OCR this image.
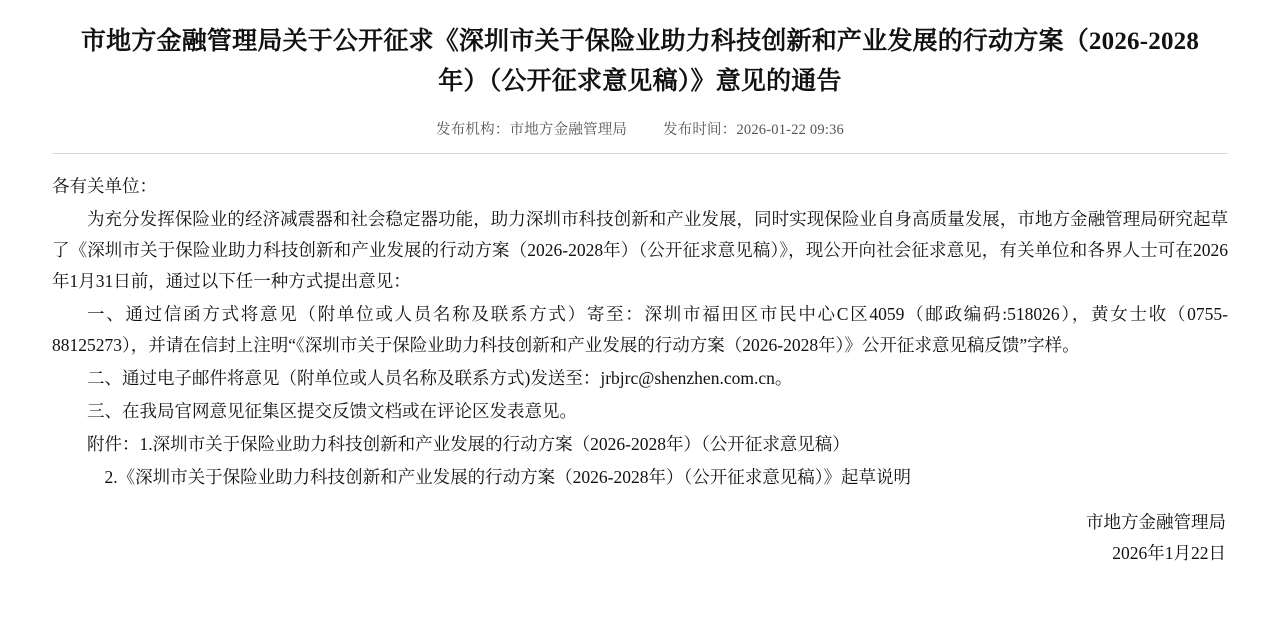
市地方金融管理局关于公开征求《深圳市关于保险业助力科技创新和产业发展的行动方案（2026-2028年）（公开征求意见稿）》意见的通告
发布机构：市地方金融管理局 发布时间：2026-01-22 09:36

各有关单位：

为充分发挥保险业的经济减震器和社会稳定器功能，助力深圳市科技创新和产业发展，同时实现保险业自身高质量发展，市地方金融管理局研究起草了《深圳市关于保险业助力科技创新和产业发展的行动方案（2026-2028年）（公开征求意见稿）》，现公开向社会征求意见，有关单位和各界人士可在2026年1月31日前，通过以下任一种方式提出意见：

一、通过信函方式将意见（附单位或人员名称及联系方式）寄至：深圳市福田区市民中心C区4059（邮政编码:518026），黄女士收（0755-88125273），并请在信封上注明“《深圳市关于保险业助力科技创新和产业发展的行动方案（2026-2028年）》公开征求意见稿反馈”字样。

二、通过电子邮件将意见（附单位或人员名称及联系方式)发送至：jrbjrc@shenzhen.com.cn。

三、在我局官网意见征集区提交反馈文档或在评论区发表意见。

附件：1.深圳市关于保险业助力科技创新和产业发展的行动方案（2026-2028年）（公开征求意见稿）

2.《深圳市关于保险业助力科技创新和产业发展的行动方案（2026-2028年）（公开征求意见稿）》起草说明

市地方金融管理局
2026年1月22日
